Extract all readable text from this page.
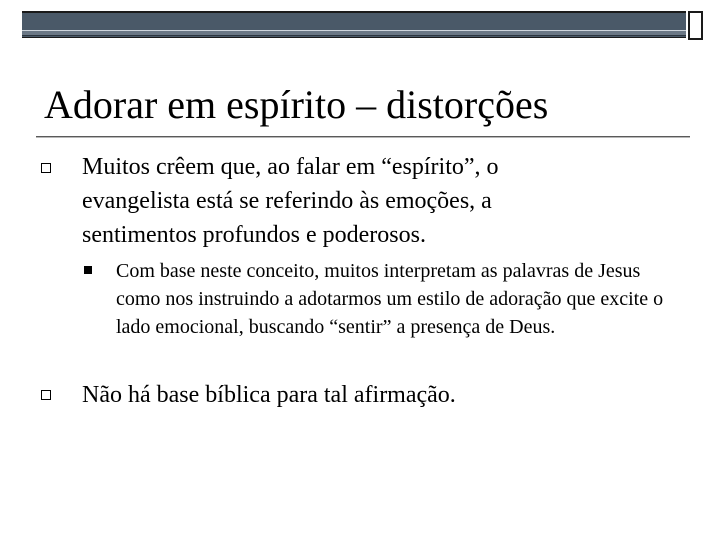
Adorar em espírito – distorções
Muitos crêem que, ao falar em “espírito”, o evangelista está se referindo às emoções, a sentimentos profundos e poderosos.
Com base neste conceito, muitos interpretam as palavras de Jesus como nos instruindo a adotarmos um estilo de adoração que excite o lado emocional, buscando “sentir” a presença de Deus.
Não há base bíblica para tal afirmação.
